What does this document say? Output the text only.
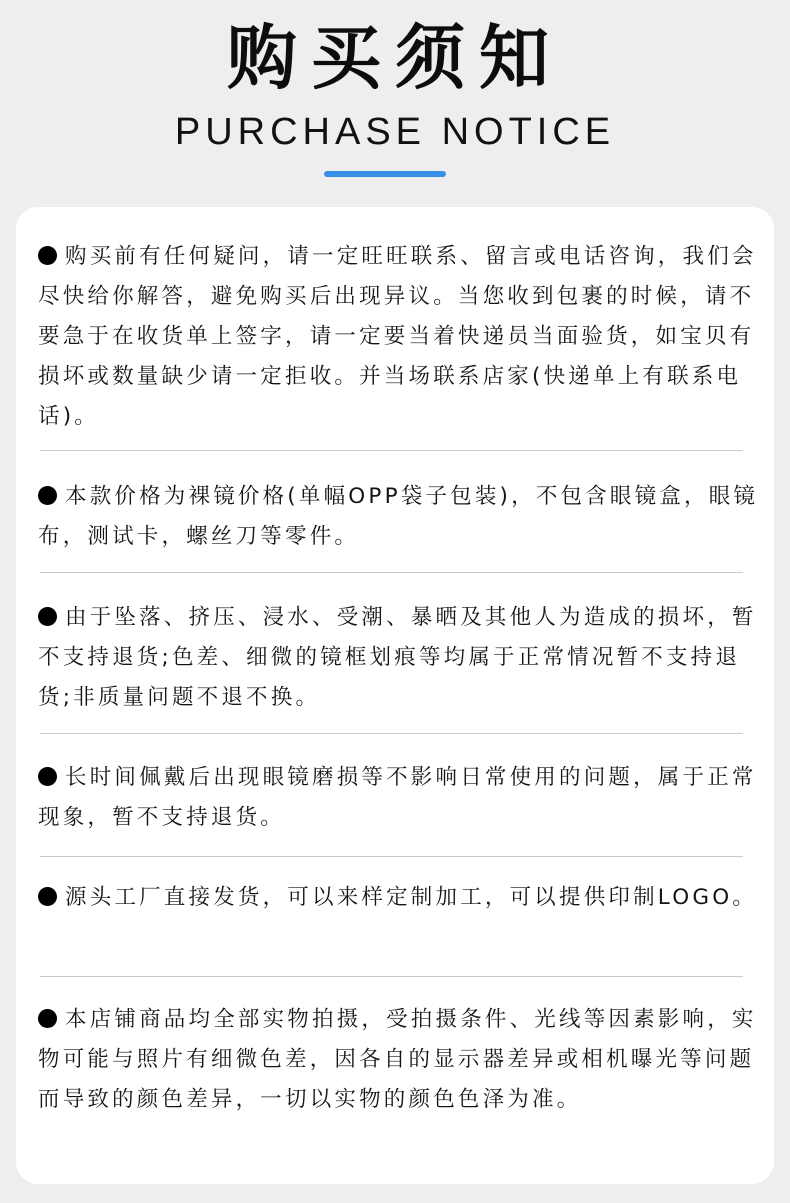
购买须知
PURCHASE NOTICE
购买前有任何疑问，请一定旺旺联系、留言或电话咨询，我们会尽快给你解答，避免购买后出现异议。当您收到包裹的时候，请不要急于在收货单上签字，请一定要当着快递员当面验货，如宝贝有损坏或数量缺少请一定拒收。并当场联系店家(快递单上有联系电话)。
本款价格为裸镜价格(单幅OPP袋子包装)，不包含眼镜盒，眼镜布，测试卡，螺丝刀等零件。
由于坠落、挤压、浸水、受潮、暴晒及其他人为造成的损坏，暂不支持退货;色差、细微的镜框划痕等均属于正常情况暂不支持退货;非质量问题不退不换。
长时间佩戴后出现眼镜磨损等不影响日常使用的问题，属于正常现象，暂不支持退货。
源头工厂直接发货，可以来样定制加工，可以提供印制LOGO。
本店铺商品均全部实物拍摄，受拍摄条件、光线等因素影响，实物可能与照片有细微色差，因各自的显示器差异或相机曝光等问题而导致的颜色差异，一切以实物的颜色色泽为准。
